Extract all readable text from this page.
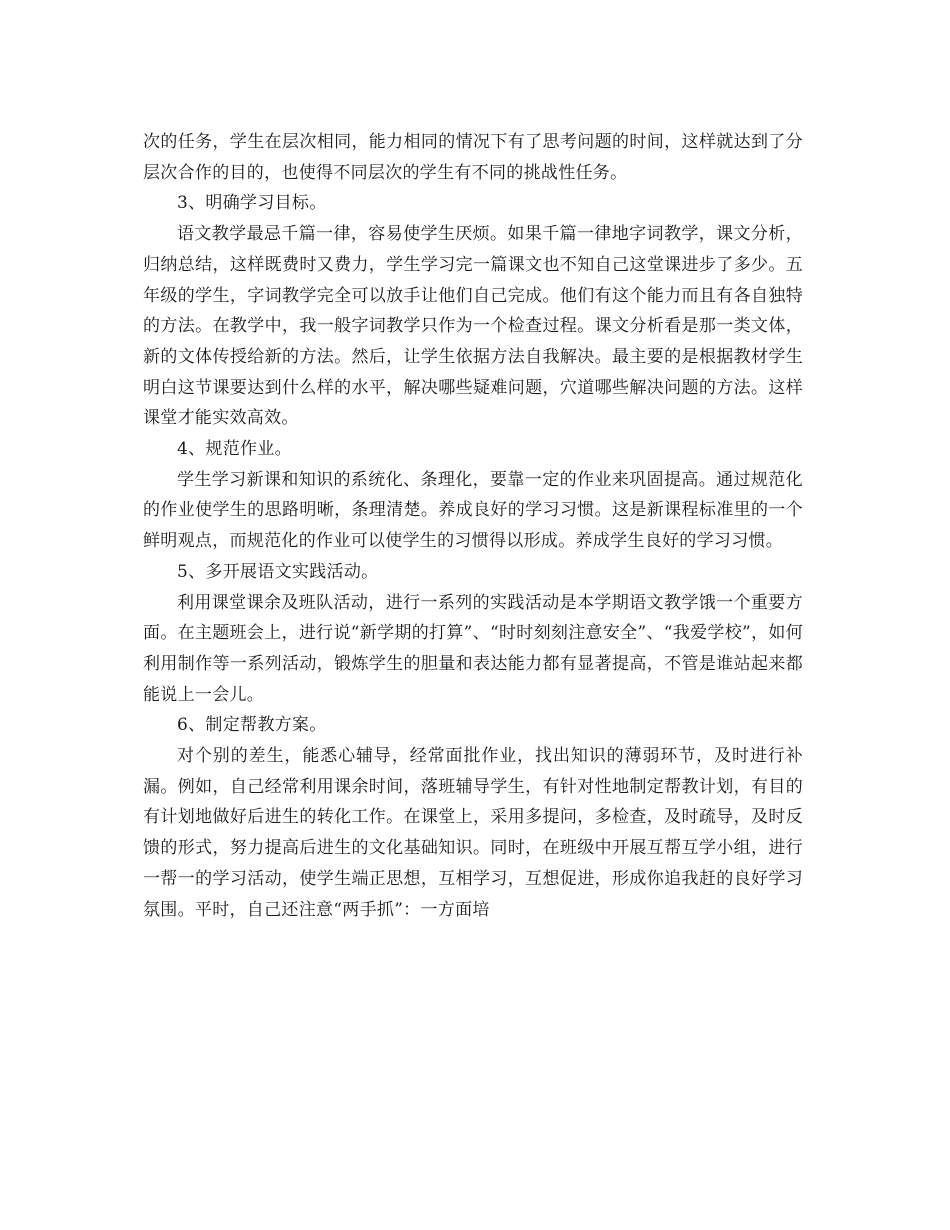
次的任务，学生在层次相同，能力相同的情况下有了思考问题的时间，这样就达到了分层次合作的目的，也使得不同层次的学生有不同的挑战性任务。

3、明确学习目标。

语文教学最忌千篇一律，容易使学生厌烦。如果千篇一律地字词教学，课文分析，归纳总结，这样既费时又费力，学生学习完一篇课文也不知自己这堂课进步了多少。五年级的学生，字词教学完全可以放手让他们自己完成。他们有这个能力而且有各自独特的方法。在教学中，我一般字词教学只作为一个检查过程。课文分析看是那一类文体，新的文体传授给新的方法。然后，让学生依据方法自我解决。最主要的是根据教材学生明白这节课要达到什么样的水平，解决哪些疑难问题，穴道哪些解决问题的方法。这样课堂才能实效高效。

4、规范作业。

学生学习新课和知识的系统化、条理化，要靠一定的作业来巩固提高。通过规范化的作业使学生的思路明晰，条理清楚。养成良好的学习习惯。这是新课程标准里的一个鲜明观点，而规范化的作业可以使学生的习惯得以形成。养成学生良好的学习习惯。

5、多开展语文实践活动。

利用课堂课余及班队活动，进行一系列的实践活动是本学期语文教学饿一个重要方面。在主题班会上，进行说“新学期的打算”、“时时刻刻注意安全”、“我爱学校”，如何利用制作等一系列活动，锻炼学生的胆量和表达能力都有显著提高，不管是谁站起来都能说上一会儿。

6、制定帮教方案。

对个别的差生，能悉心辅导，经常面批作业，找出知识的薄弱环节，及时进行补漏。例如，自己经常利用课余时间，落班辅导学生，有针对性地制定帮教计划，有目的有计划地做好后进生的转化工作。在课堂上，采用多提问，多检查，及时疏导，及时反馈的形式，努力提高后进生的文化基础知识。同时，在班级中开展互帮互学小组，进行一帮一的学习活动，使学生端正思想，互相学习，互想促进，形成你追我赶的良好学习氛围。平时，自己还注意“两手抓”：一方面培
